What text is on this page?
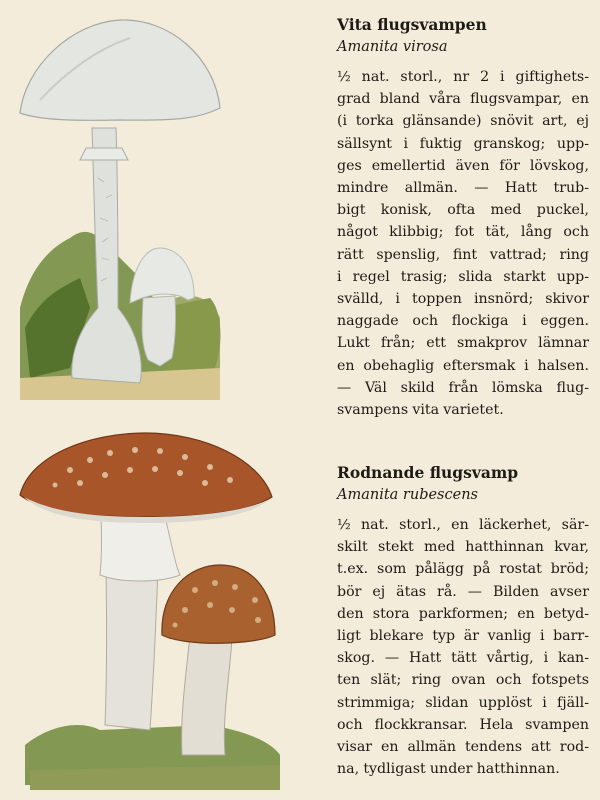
Vita flugsvampen

Amanita virosa

½ nat. storl., nr 2 i giftighets-
grad bland våra flugsvampar, en
(i torka glänsande) snövit art, ej
sällsynt i fuktig granskog; upp-
ges emellertid även för lövskog,
mindre allmän. — Hatt trub-
bigt konisk, ofta med puckel,
något klibbig; fot tät, lång och
rätt spenslig, fint vattrad; ring
i regel trasig; slida starkt upp-
svälld, i toppen insnörd; skivor
naggade och flockiga i eggen.
Lukt från; ett smakprov lämnar
en obehaglig eftersmak i halsen.
— Väl skild från lömska flug-
svampens vita varietet.
Rodnande flugsvamp

Amanita rubescens

½ nat. storl., en läckerhet, sär-
skilt stekt med hatthinnan kvar,
t.ex. som pålägg på rostat bröd;
bör ej ätas rå. — Bilden avser
den stora parkformen; en betyd-
ligt blekare typ är vanlig i barr-
skog. — Hatt tätt vårtig, i kan-
ten slät; ring ovan och fotspets
strimmiga; slidan upplöst i fjäll-
och flockkransar. Hela svampen
visar en allmän tendens att rod-
na, tydligast under hatthinnan.
